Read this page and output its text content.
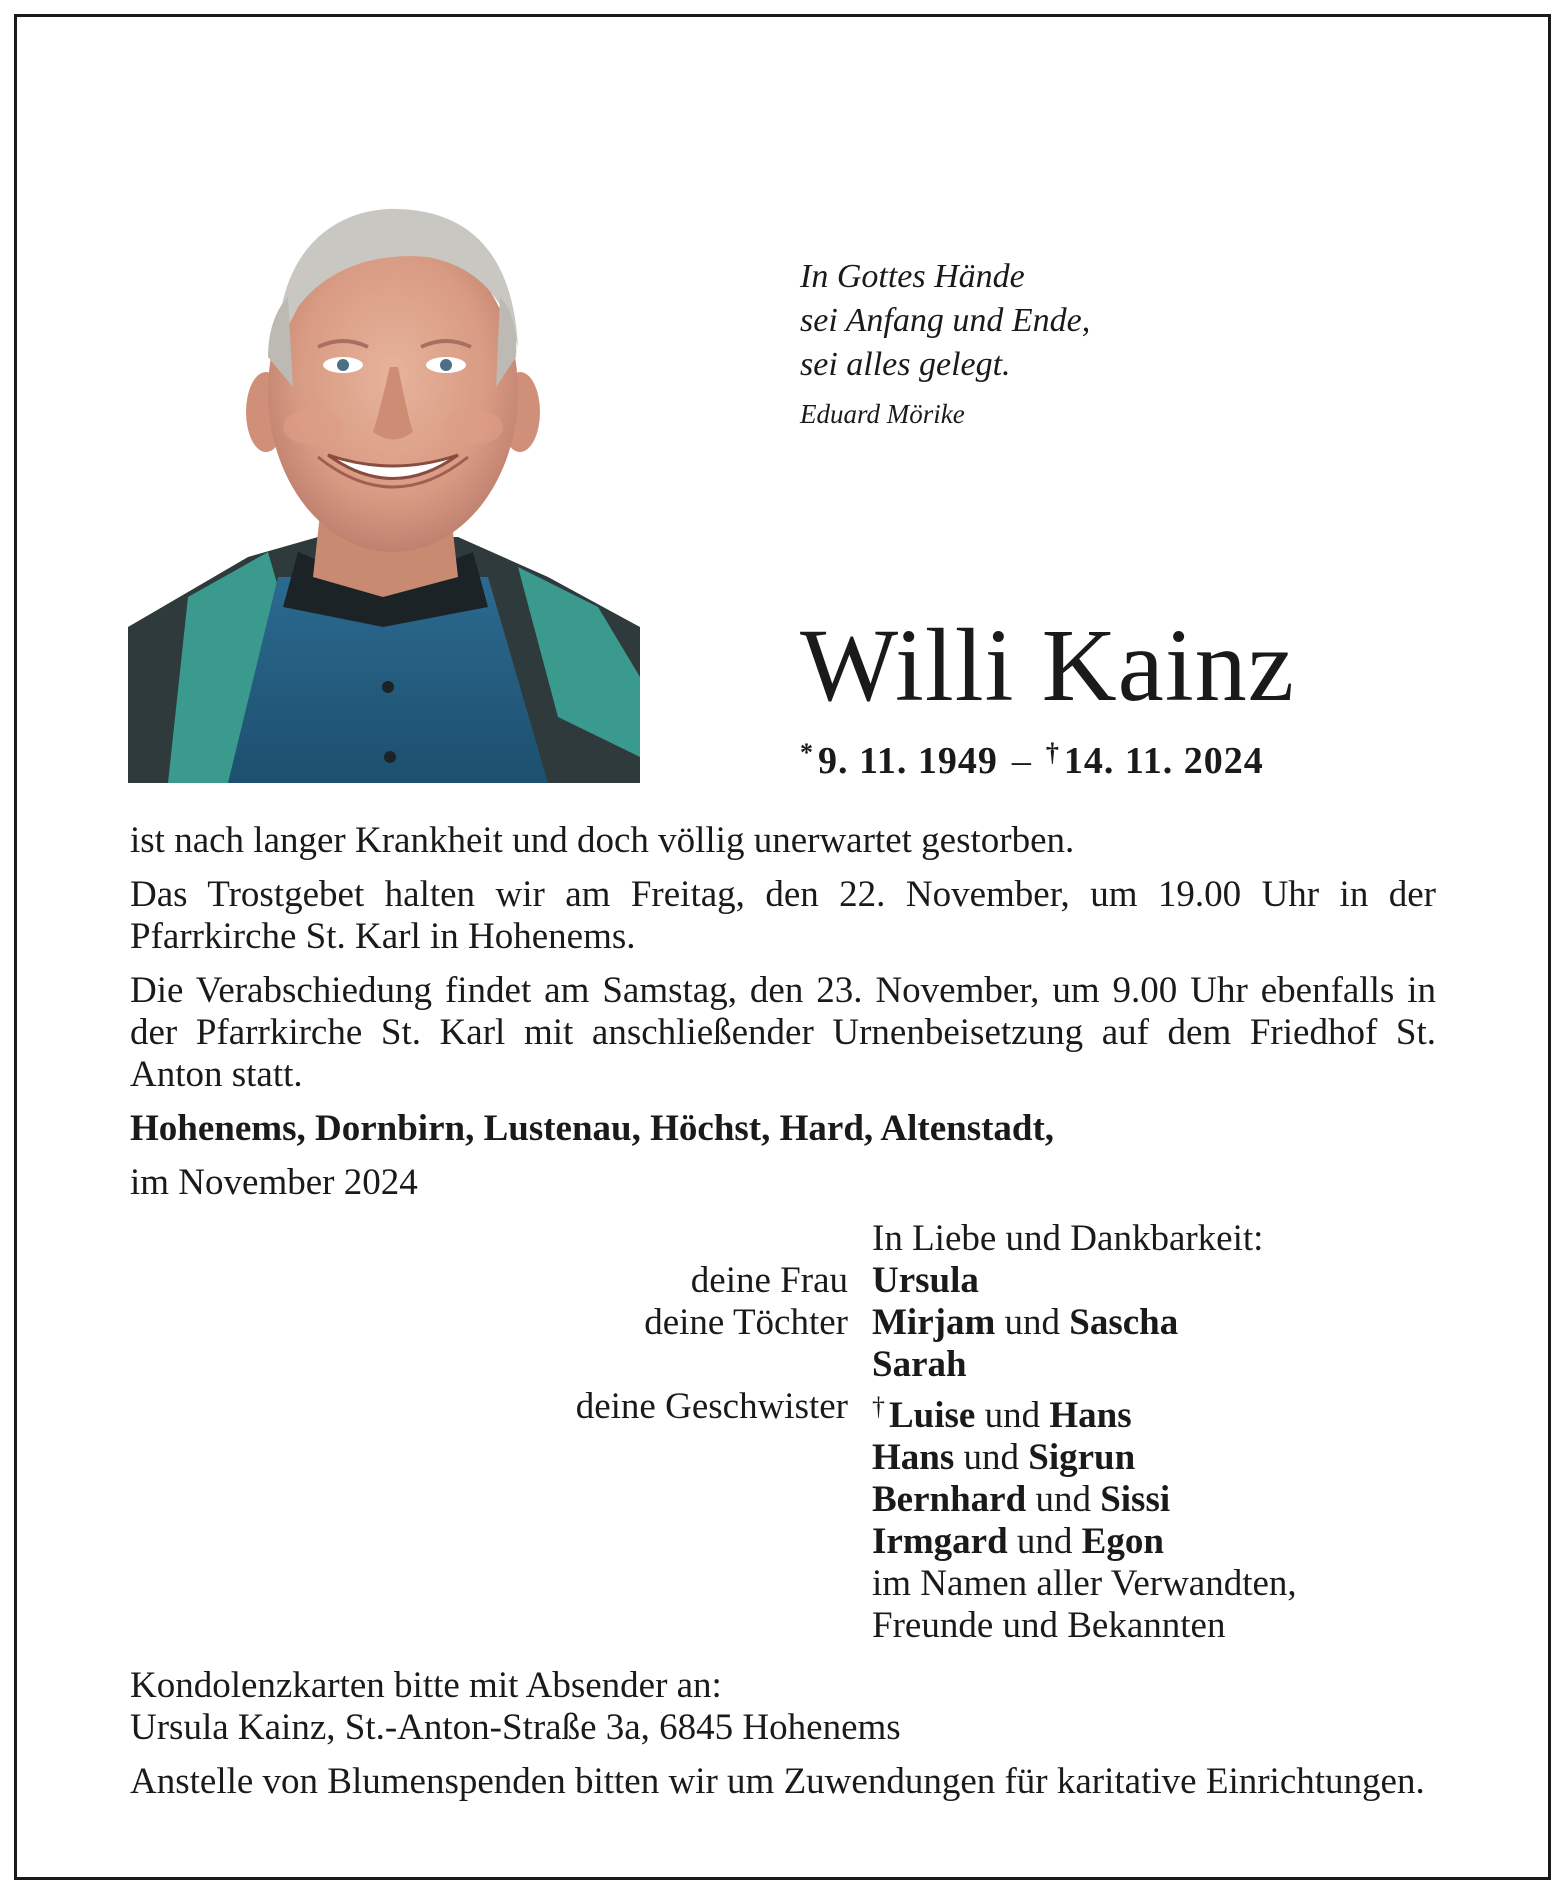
In Gottes Hände
sei Anfang und Ende,
sei alles gelegt.
Eduard Mörike
Willi Kainz
* 9. 11. 1949 – † 14. 11. 2024

ist nach langer Krankheit und doch völlig unerwartet gestorben.

Das Trostgebet halten wir am Freitag, den 22. November, um 19.00 Uhr in der Pfarrkirche St. Karl in Hohenems.

Die Verabschiedung findet am Samstag, den 23. November, um 9.00 Uhr ebenfalls in der Pfarrkirche St. Karl mit anschließender Urnenbeisetzung auf dem Friedhof St. Anton statt.

Hohenems, Dornbirn, Lustenau, Höchst, Hard, Altenstadt,

im November 2024

In Liebe und Dankbarkeit:
deine Frau Ursula
deine Töchter Mirjam und Sascha
Sarah
deine Geschwister † Luise und Hans
Hans und Sigrun
Bernhard und Sissi
Irmgard und Egon
im Namen aller Verwandten,
Freunde und Bekannten
Kondolenzkarten bitte mit Absender an:

Ursula Kainz, St.-Anton-Straße 3a, 6845 Hohenems

Anstelle von Blumenspenden bitten wir um Zuwendungen für karitative Einrichtungen.
